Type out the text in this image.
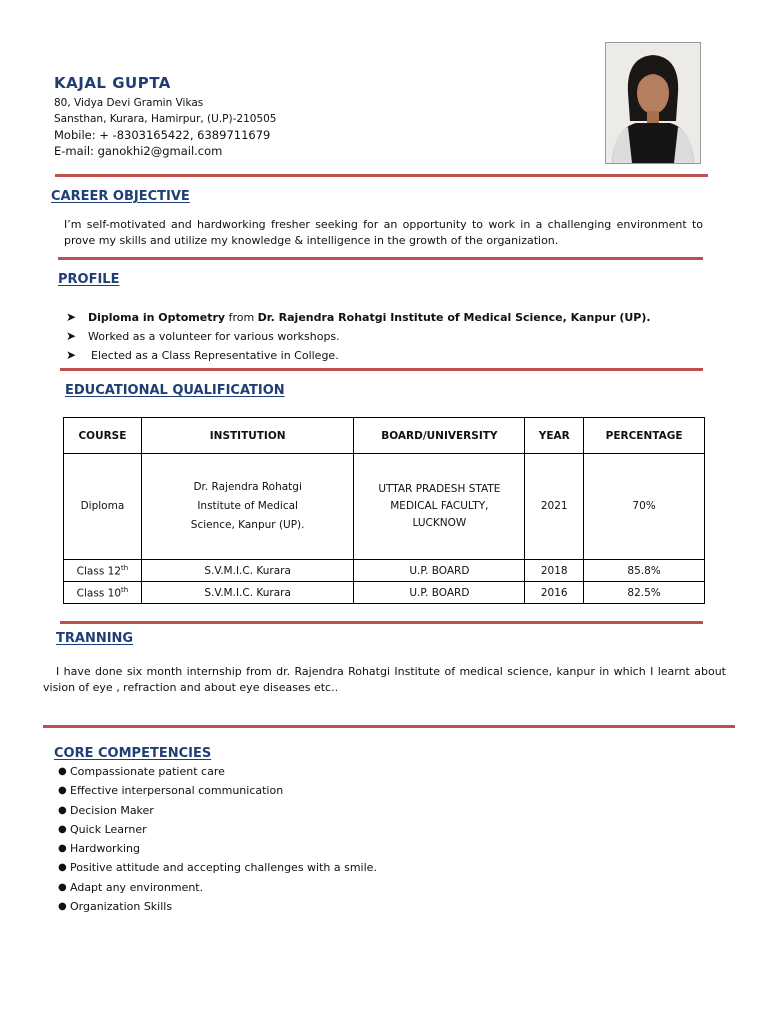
KAJAL GUPTA
80, Vidya Devi Gramin Vikas
Sansthan, Kurara, Hamirpur, (U.P)-210505
Mobile: + -8303165422, 6389711679
E-mail: ganokhi2@gmail.com
CAREER OBJECTIVE
I’m self-motivated and hardworking fresher seeking for an opportunity to work in a challenging environment to prove my skills and utilize my knowledge & intelligence in the growth of the organization.
PROFILE
➤	Diploma in Optometry from Dr. Rajendra Rohatgi Institute of Medical Science, Kanpur (UP).
➤	Worked as a volunteer for various workshops.
➤	Elected as a Class Representative in College.
EDUCATIONAL QUALIFICATION
COURSE	INSTITUTION	BOARD/UNIVERSITY	YEAR	PERCENTAGE
Diploma	Dr. Rajendra Rohatgi Institute of Medical Science, Kanpur (UP).	UTTAR PRADESH STATE MEDICAL FACULTY, LUCKNOW	2021	70%
Class 12th	S.V.M.I.C. Kurara	U.P. BOARD	2018	85.8%
Class 10th	S.V.M.I.C. Kurara	U.P. BOARD	2016	82.5%
TRANNING
I have done six month internship from dr. Rajendra Rohatgi Institute of medical science, kanpur in which I learnt about vision of eye , refraction and about eye diseases etc..
CORE COMPETENCIES
● Compassionate patient care
● Effective interpersonal communication
● Decision Maker
● Quick Learner
● Hardworking
● Positive attitude and accepting challenges with a smile.
● Adapt any environment.
● Organization Skills
